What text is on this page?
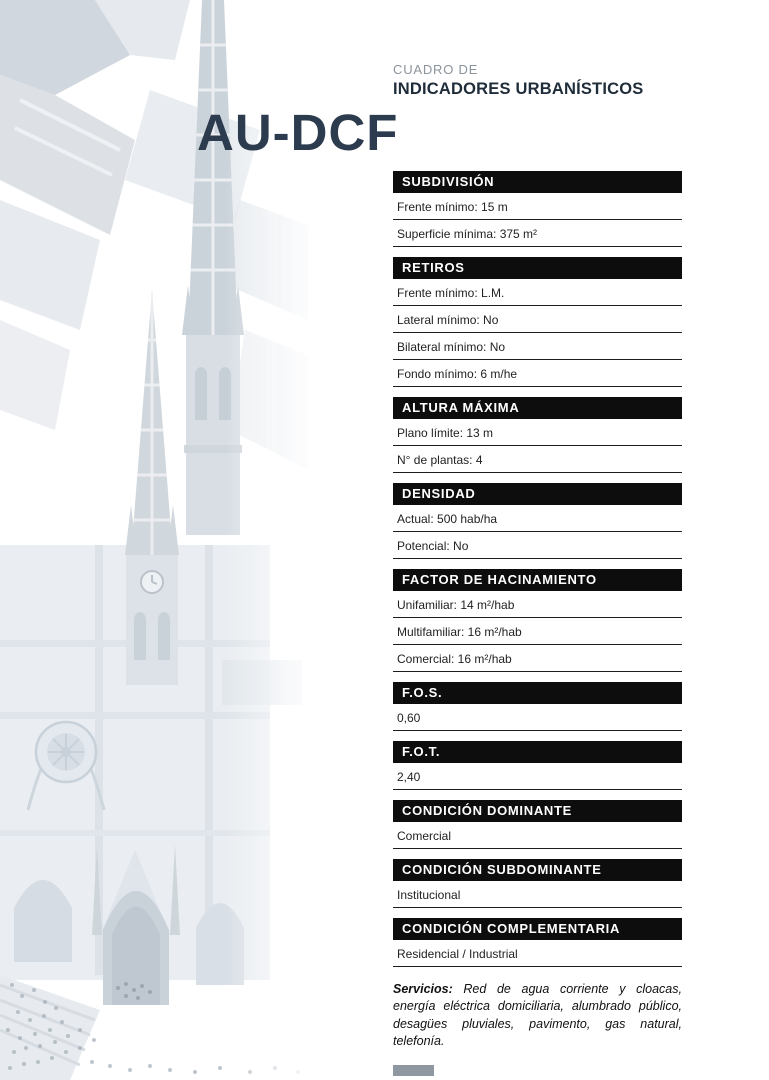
AU-DCF
CUADRO DE
INDICADORES URBANÍSTICOS
SUBDIVISIÓN
Frente mínimo: 15 m
Superficie mínima: 375 m²
RETIROS
Frente mínimo: L.M.
Lateral mínimo: No
Bilateral mínimo: No
Fondo mínimo: 6 m/he
ALTURA MÁXIMA
Plano límite: 13 m
N° de plantas: 4
DENSIDAD
Actual: 500 hab/ha
Potencial: No
FACTOR DE HACINAMIENTO
Unifamiliar: 14 m²/hab
Multifamiliar: 16 m²/hab
Comercial: 16 m²/hab
F.O.S.
0,60
F.O.T.
2,40
CONDICIÓN DOMINANTE
Comercial
CONDICIÓN SUBDOMINANTE
Institucional
CONDICIÓN COMPLEMENTARIA
Residencial / Industrial

Servicios: Red de agua corriente y cloacas, energía eléctrica domiciliaria, alumbrado público, desagües pluviales, pavimento, gas natural, telefonía.
